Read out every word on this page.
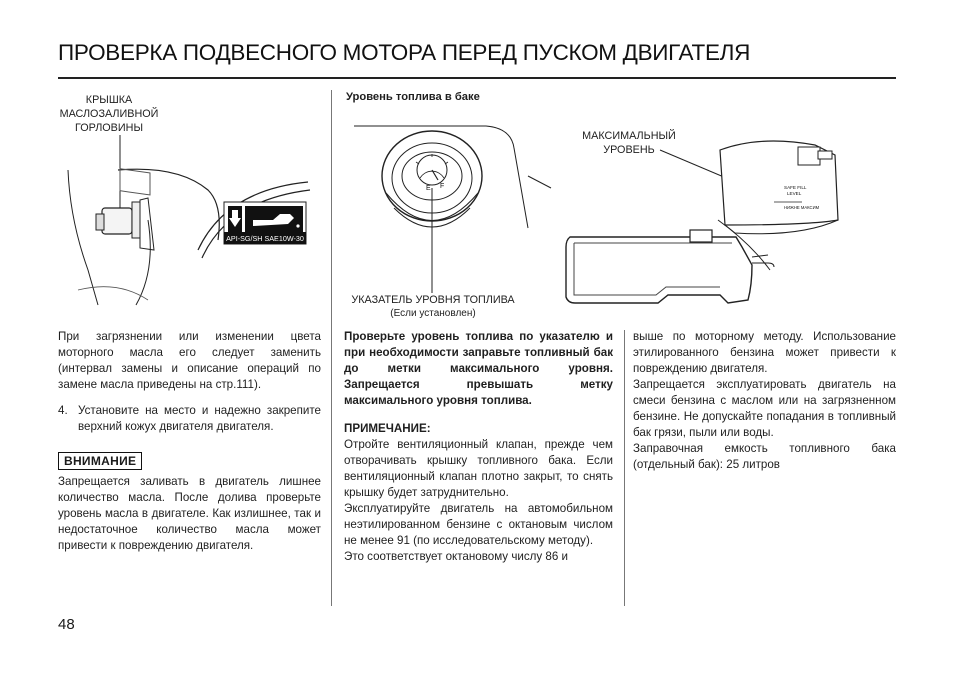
ПРОВЕРКА ПОДВЕСНОГО МОТОРА ПЕРЕД ПУСКОМ ДВИГАТЕЛЯ
КРЫШКА
МАСЛОЗАЛИВНОЙ
ГОРЛОВИНЫ
API-SG/SH SAE10W-30
Уровень топлива в баке
МАКСИМАЛЬНЫЙ
УРОВЕНЬ
E F	SAFE FILL
LEVEL
НИЖНЕ МАКСИМ
УКАЗАТЕЛЬ УРОВНЯ ТОПЛИВА
(Если установлен)

При загрязнении или изменении цвета моторного масла его следует заменить (интервал замены и описание операций по замене масла приведены на стр.111).

4. Установите на место и надежно закрепите верхний кожух двигателя двигателя.

ВНИМАНИЕ

Запрещается заливать в двигатель лишнее количество масла. После долива проверьте уровень масла в двигателе. Как излишнее, так и недостаточное количество масла может привести к повреждению двигателя.

Проверьте уровень топлива по указателю и при необходимости заправьте топливный бак до метки максимального уровня. Запрещается превышать метку максимального уровня топлива.

ПРИМЕЧАНИЕ:

Отройте вентиляционный клапан, прежде чем отворачивать крышку топливного бака. Если вентиляционный клапан плотно закрыт, то снять крышку будет затруднительно.

Эксплуатируйте двигатель на автомобильном неэтилированном бензине с октановым числом не менее 91 (по исследовательскому методу).

Это соответствует октановому числу 86 и

выше по моторному методу. Использование этилированного бензина может привести к повреждению двигателя.

Запрещается эксплуатировать двигатель на смеси бензина с маслом или на загрязненном бензине. Не допускайте попадания в топливный бак грязи, пыли или воды.

Заправочная емкость топливного бака (отдельный бак): 25 литров

48
